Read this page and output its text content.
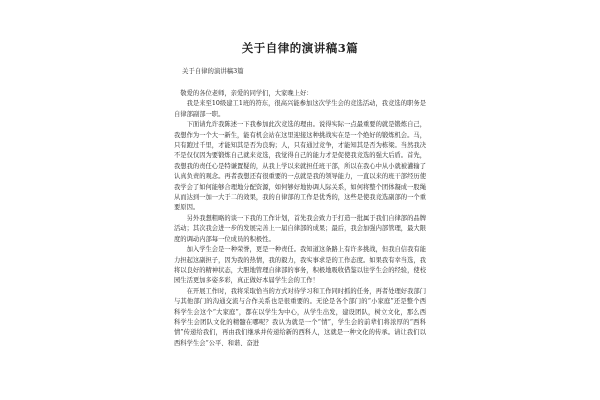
关于自律的演讲稿3篇
关于自律的演讲稿3篇

敬爱的各位老师，亲爱的同学们，大家晚上好：

我是来至10级建工1班的符东，很高兴能参加这次学生会的竞选活动，我竞选的职务是自律部副部一职。

下面请允许我陈述一下我参加此次竞选的理由。说得实际一点最重要的就是锻炼自己，我想作为一个大一新生，能有机会站在这里迎接这种挑战实在是一个绝好的锻炼机会。马，只有跑过千里，才能知其是否为良驹；人，只有通过竞争，才能知其是否为栋梁。当然我决不是仅仅因为要锻炼自己就来竞选，我觉得自己的能力才是促使我竞选的强大后盾。首先，我想我的责任心是特谦置疑的，从我上学以来就担任班干部，所以在我心中从小就被灌输了认真负责的观念。再者我想还有很重要的一点就是我的领导能力，一直以来的班干部经历使我学会了如何能够合理地分配资源，如何够好地协调人际关系，如何将整个团体凝成一股绳从而达到一加一大于二的效果，我的自律部的工作是优秀的，这些是使我竞选副部的一个重要原因。

另外我想粗略的谈一下我的工作计划，首先我会致力于打造一批属于我们自律部的品牌活动；其次我会进一步的发展完善上一届自律部的成果；最后，我会加强内部管理，最大限度的调动内部每一位成员的积极性。

加入学生会是一种荣誉，更是一种责任。我知道这条路上有许多挑战，但我自信我有能力担起这副担子，因为我的热情，我的毅力，我实事求是的工作态度。如果我有幸当选，我将以良好的精神状态，大胆地管理自律部的事务，积极地吸收借鉴以往学生会的经验，使校园生活更加多姿多彩，真正做好本届学生会的工作！

在开展工作时，我将采取恰当的方式对待学习和工作同时抓的任务，再者处理好我部门与其他部门的沟通交流与合作关系也是很重要的。无论是各个部门的“小家庭”还是整个西科学生会这个“大家庭”，都在以学生为中心，从学生出发，建设团队，树立文化，那么西科学生会团队文化的精髓在哪呢？我认为就是一个“情”，学生会的前辈们将浓厚的“西科情”传递给我们，再由我们继承并传递给新的西科人，这就是一种文化的传承。请让我们以西科学生会“公平、和谐、奋进
